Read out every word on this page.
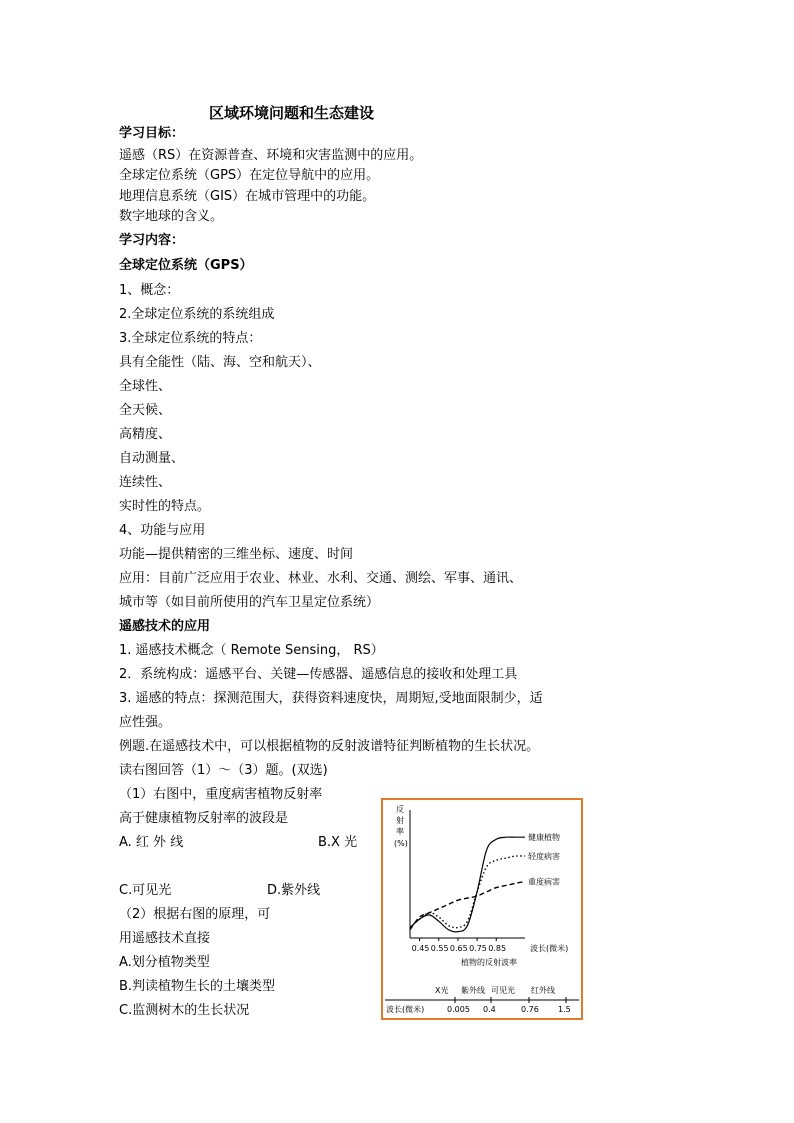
区域环境问题和生态建设
学习目标：
遥感（RS）在资源普查、环境和灾害监测中的应用。
全球定位系统（GPS）在定位导航中的应用。
地理信息系统（GIS）在城市管理中的功能。
数字地球的含义。
学习内容：
全球定位系统（GPS）
1、概念：
2.全球定位系统的系统组成
3.全球定位系统的特点：
具有全能性（陆、海、空和航天）、
全球性、
全天候、
高精度、
自动测量、
连续性、
实时性的特点。
4、功能与应用
功能—提供精密的三维坐标、速度、时间
应用：目前广泛应用于农业、林业、水利、交通、测绘、军事、通讯、
城市等（如目前所使用的汽车卫星定位系统）
遥感技术的应用
1. 遥感技术概念（ Remote Sensing， RS）
2．系统构成：遥感平台、关键—传感器、遥感信息的接收和处理工具
3. 遥感的特点：探测范围大，获得资料速度快，周期短,受地面限制少，适
应性强。
例题.在遥感技术中，可以根据植物的反射波谱特征判断植物的生长状况。
读右图回答（1）～（3）题。(双选)
（1）右图中，重度病害植物反射率
高于健康植物反射率的波段是
A. 红 外 线	B.X 光
C.可见光	D.紫外线
（2）根据右图的原理，可
用遥感技术直接
A.划分植物类型
B.判读植物生长的土壤类型
C.监测树木的生长状况
反
射
率
(%)
0.45 0.55 0.65 0.75 0.85
健康植物
轻度病害
重度病害
波长(微米)
植物的反射波率
X光 紫外线 可见光 红外线
波长(微米)	0.005 0.4	0.76 1.5
